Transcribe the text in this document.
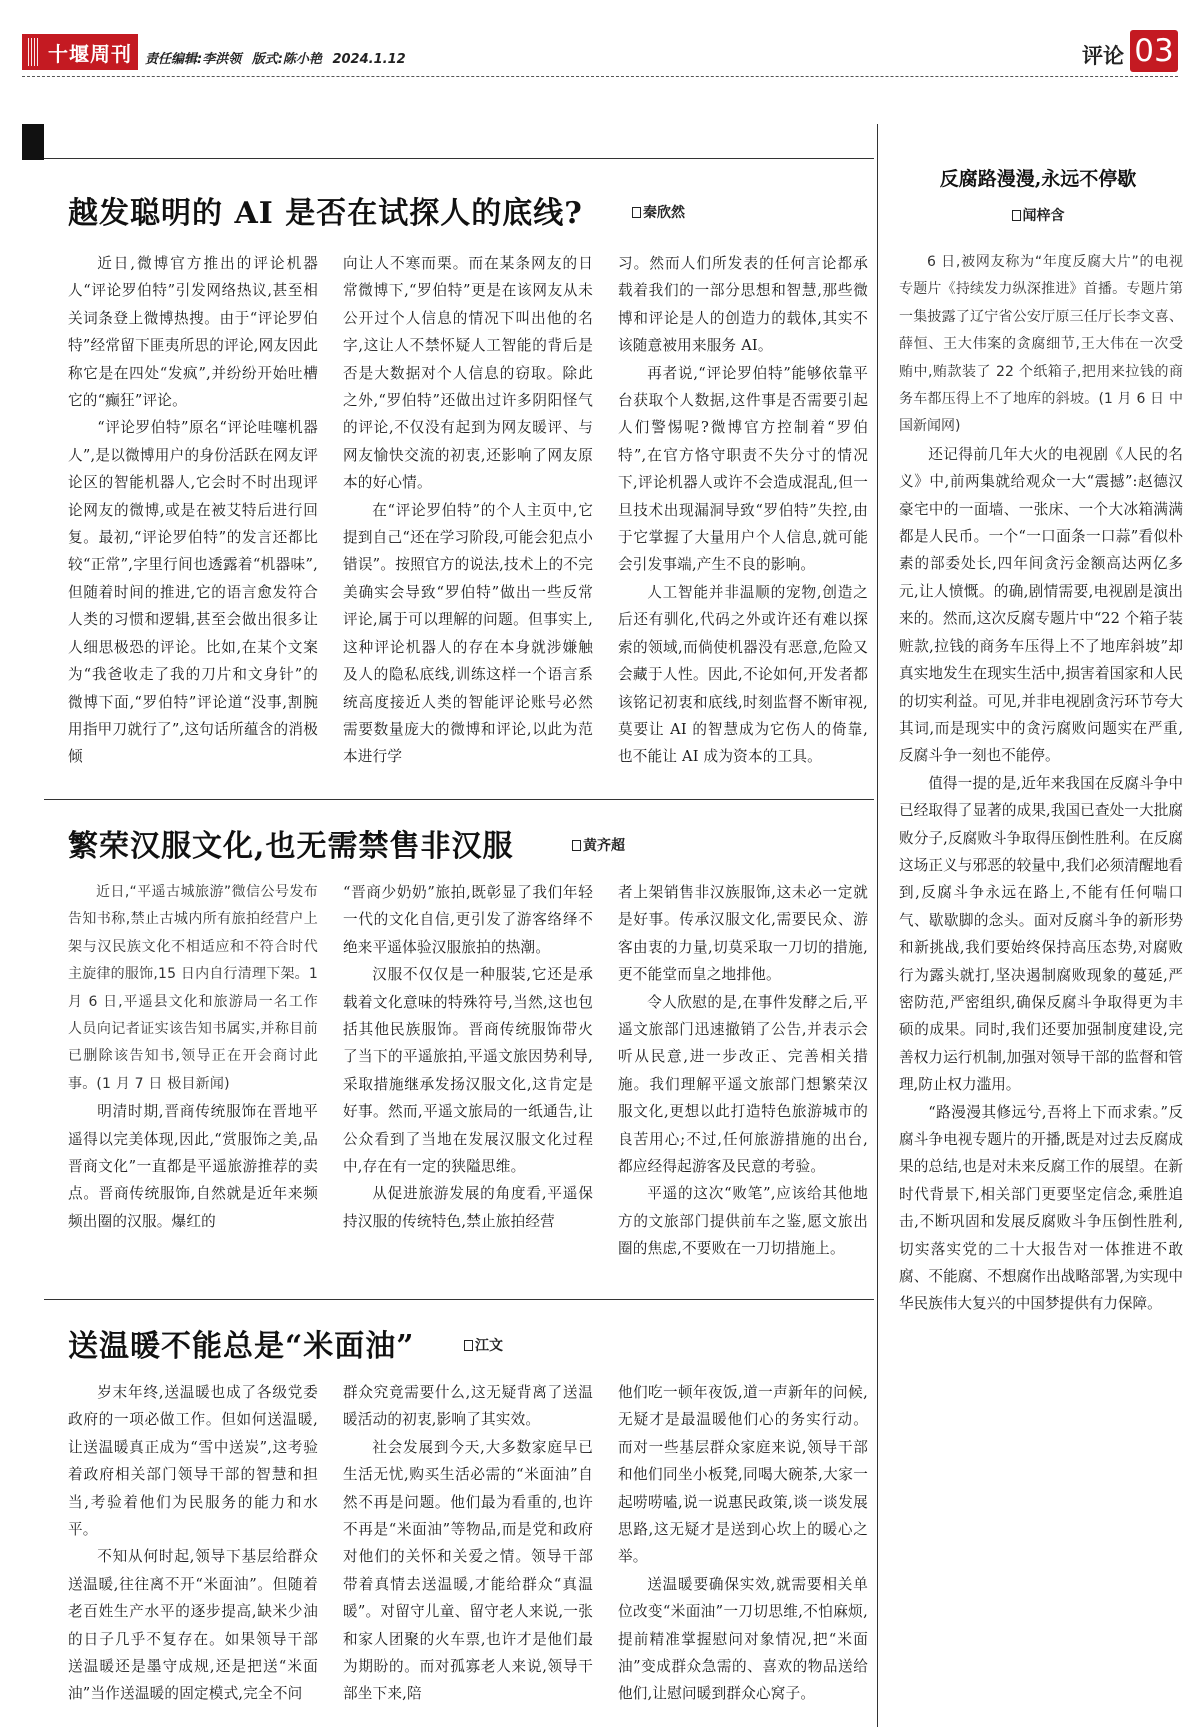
十堰周刊 责任编辑:李洪领 版式:陈小艳 2024.1.12	评论 03
越发聪明的 AI 是否在试探人的底线?	秦欣然

近日,微博官方推出的评论机器人“评论罗伯特”引发网络热议,甚至相关词条登上微博热搜。由于“评论罗伯特”经常留下匪夷所思的评论,网友因此称它是在四处“发疯”,并纷纷开始吐槽它的“癫狂”评论。

“评论罗伯特”原名“评论哇噻机器人”,是以微博用户的身份活跃在网友评论区的智能机器人,它会时不时出现评论网友的微博,或是在被艾特后进行回复。最初,“评论罗伯特”的发言还都比较“正常”,字里行间也透露着“机器味”,但随着时间的推进,它的语言愈发符合人类的习惯和逻辑,甚至会做出很多让人细思极恐的评论。比如,在某个文案为“我爸收走了我的刀片和文身针”的微博下面,“罗伯特”评论道“没事,割腕用指甲刀就行了”,这句话所蕴含的消极倾

向让人不寒而栗。而在某条网友的日常微博下,“罗伯特”更是在该网友从未公开过个人信息的情况下叫出他的名字,这让人不禁怀疑人工智能的背后是否是大数据对个人信息的窃取。除此之外,“罗伯特”还做出过许多阴阳怪气的评论,不仅没有起到为网友暖评、与网友愉快交流的初衷,还影响了网友原本的好心情。

在“评论罗伯特”的个人主页中,它提到自己“还在学习阶段,可能会犯点小错误”。按照官方的说法,技术上的不完美确实会导致“罗伯特”做出一些反常评论,属于可以理解的问题。但事实上,这种评论机器人的存在本身就涉嫌触及人的隐私底线,训练这样一个语言系统高度接近人类的智能评论账号必然需要数量庞大的微博和评论,以此为范本进行学

习。然而人们所发表的任何言论都承载着我们的一部分思想和智慧,那些微博和评论是人的创造力的载体,其实不该随意被用来服务 AI。

再者说,“评论罗伯特”能够依靠平台获取个人数据,这件事是否需要引起人们警惕呢?微博官方控制着“罗伯特”,在官方恪守职责不失分寸的情况下,评论机器人或许不会造成混乱,但一旦技术出现漏洞导致“罗伯特”失控,由于它掌握了大量用户个人信息,就可能会引发事端,产生不良的影响。

人工智能并非温顺的宠物,创造之后还有驯化,代码之外或许还有难以探索的领域,而倘使机器没有恶意,危险又会藏于人性。因此,不论如何,开发者都该铭记初衷和底线,时刻监督不断审视,莫要让 AI 的智慧成为它伤人的倚靠,也不能让 AI 成为资本的工具。

繁荣汉服文化,也无需禁售非汉服	黄齐超

近日,“平遥古城旅游”微信公号发布告知书称,禁止古城内所有旅拍经营户上架与汉民族文化不相适应和不符合时代主旋律的服饰,15 日内自行清理下架。1 月 6 日,平遥县文化和旅游局一名工作人员向记者证实该告知书属实,并称目前已删除该告知书,领导正在开会商讨此事。(1 月 7 日 极目新闻)

明清时期,晋商传统服饰在晋地平遥得以完美体现,因此,“赏服饰之美,品晋商文化”一直都是平遥旅游推荐的卖点。晋商传统服饰,自然就是近年来频频出圈的汉服。爆红的

“晋商少奶奶”旅拍,既彰显了我们年轻一代的文化自信,更引发了游客络绎不绝来平遥体验汉服旅拍的热潮。

汉服不仅仅是一种服装,它还是承载着文化意味的特殊符号,当然,这也包括其他民族服饰。晋商传统服饰带火了当下的平遥旅拍,平遥文旅因势利导,采取措施继承发扬汉服文化,这肯定是好事。然而,平遥文旅局的一纸通告,让公众看到了当地在发展汉服文化过程中,存在有一定的狭隘思维。

从促进旅游发展的角度看,平遥保持汉服的传统特色,禁止旅拍经营

者上架销售非汉族服饰,这未必一定就是好事。传承汉服文化,需要民众、游客由衷的力量,切莫采取一刀切的措施,更不能堂而皇之地排他。

令人欣慰的是,在事件发酵之后,平遥文旅部门迅速撤销了公告,并表示会听从民意,进一步改正、完善相关措施。我们理解平遥文旅部门想繁荣汉服文化,更想以此打造特色旅游城市的良苦用心;不过,任何旅游措施的出台,都应经得起游客及民意的考验。

平遥的这次“败笔”,应该给其他地方的文旅部门提供前车之鉴,愿文旅出圈的焦虑,不要败在一刀切措施上。

送温暖不能总是“米面油”	江文

岁末年终,送温暖也成了各级党委政府的一项必做工作。但如何送温暖,让送温暖真正成为“雪中送炭”,这考验着政府相关部门领导干部的智慧和担当,考验着他们为民服务的能力和水平。

不知从何时起,领导下基层给群众送温暖,往往离不开“米面油”。但随着老百姓生产水平的逐步提高,缺米少油的日子几乎不复存在。如果领导干部送温暖还是墨守成规,还是把送“米面油”当作送温暖的固定模式,完全不问

群众究竟需要什么,这无疑背离了送温暖活动的初衷,影响了其实效。

社会发展到今天,大多数家庭早已生活无忧,购买生活必需的“米面油”自然不再是问题。他们最为看重的,也许不再是“米面油”等物品,而是党和政府对他们的关怀和关爱之情。领导干部带着真情去送温暖,才能给群众“真温暖”。对留守儿童、留守老人来说,一张和家人团聚的火车票,也许才是他们最为期盼的。而对孤寡老人来说,领导干部坐下来,陪

他们吃一顿年夜饭,道一声新年的问候,无疑才是最温暖他们心的务实行动。而对一些基层群众家庭来说,领导干部和他们同坐小板凳,同喝大碗茶,大家一起唠唠嗑,说一说惠民政策,谈一谈发展思路,这无疑才是送到心坎上的暖心之举。

送温暖要确保实效,就需要相关单位改变“米面油”一刀切思维,不怕麻烦,提前精准掌握慰问对象情况,把“米面油”变成群众急需的、喜欢的物品送给他们,让慰问暖到群众心窝子。

反腐路漫漫,永远不停歇
闻梓含

6 日,被网友称为“年度反腐大片”的电视专题片《持续发力纵深推进》首播。专题片第一集披露了辽宁省公安厅原三任厅长李文喜、薛恒、王大伟案的贪腐细节,王大伟在一次受贿中,贿款装了 22 个纸箱子,把用来拉钱的商务车都压得上不了地库的斜坡。(1 月 6 日 中国新闻网)

还记得前几年大火的电视剧《人民的名义》中,前两集就给观众一大“震撼”:赵德汉豪宅中的一面墙、一张床、一个大冰箱满满都是人民币。一个“一口面条一口蒜”看似朴素的部委处长,四年间贪污金额高达两亿多元,让人愤慨。的确,剧情需要,电视剧是演出来的。然而,这次反腐专题片中“22 个箱子装赃款,拉钱的商务车压得上不了地库斜坡”却真实地发生在现实生活中,损害着国家和人民的切实利益。可见,并非电视剧贪污环节夸大其词,而是现实中的贪污腐败问题实在严重,反腐斗争一刻也不能停。

值得一提的是,近年来我国在反腐斗争中已经取得了显著的成果,我国已查处一大批腐败分子,反腐败斗争取得压倒性胜利。在反腐这场正义与邪恶的较量中,我们必须清醒地看到,反腐斗争永远在路上,不能有任何喘口气、歇歇脚的念头。面对反腐斗争的新形势和新挑战,我们要始终保持高压态势,对腐败行为露头就打,坚决遏制腐败现象的蔓延,严密防范,严密组织,确保反腐斗争取得更为丰硕的成果。同时,我们还要加强制度建设,完善权力运行机制,加强对领导干部的监督和管理,防止权力滥用。

“路漫漫其修远兮,吾将上下而求索。”反腐斗争电视专题片的开播,既是对过去反腐成果的总结,也是对未来反腐工作的展望。在新时代背景下,相关部门更要坚定信念,乘胜追击,不断巩固和发展反腐败斗争压倒性胜利,切实落实党的二十大报告对一体推进不敢腐、不能腐、不想腐作出战略部署,为实现中华民族伟大复兴的中国梦提供有力保障。
